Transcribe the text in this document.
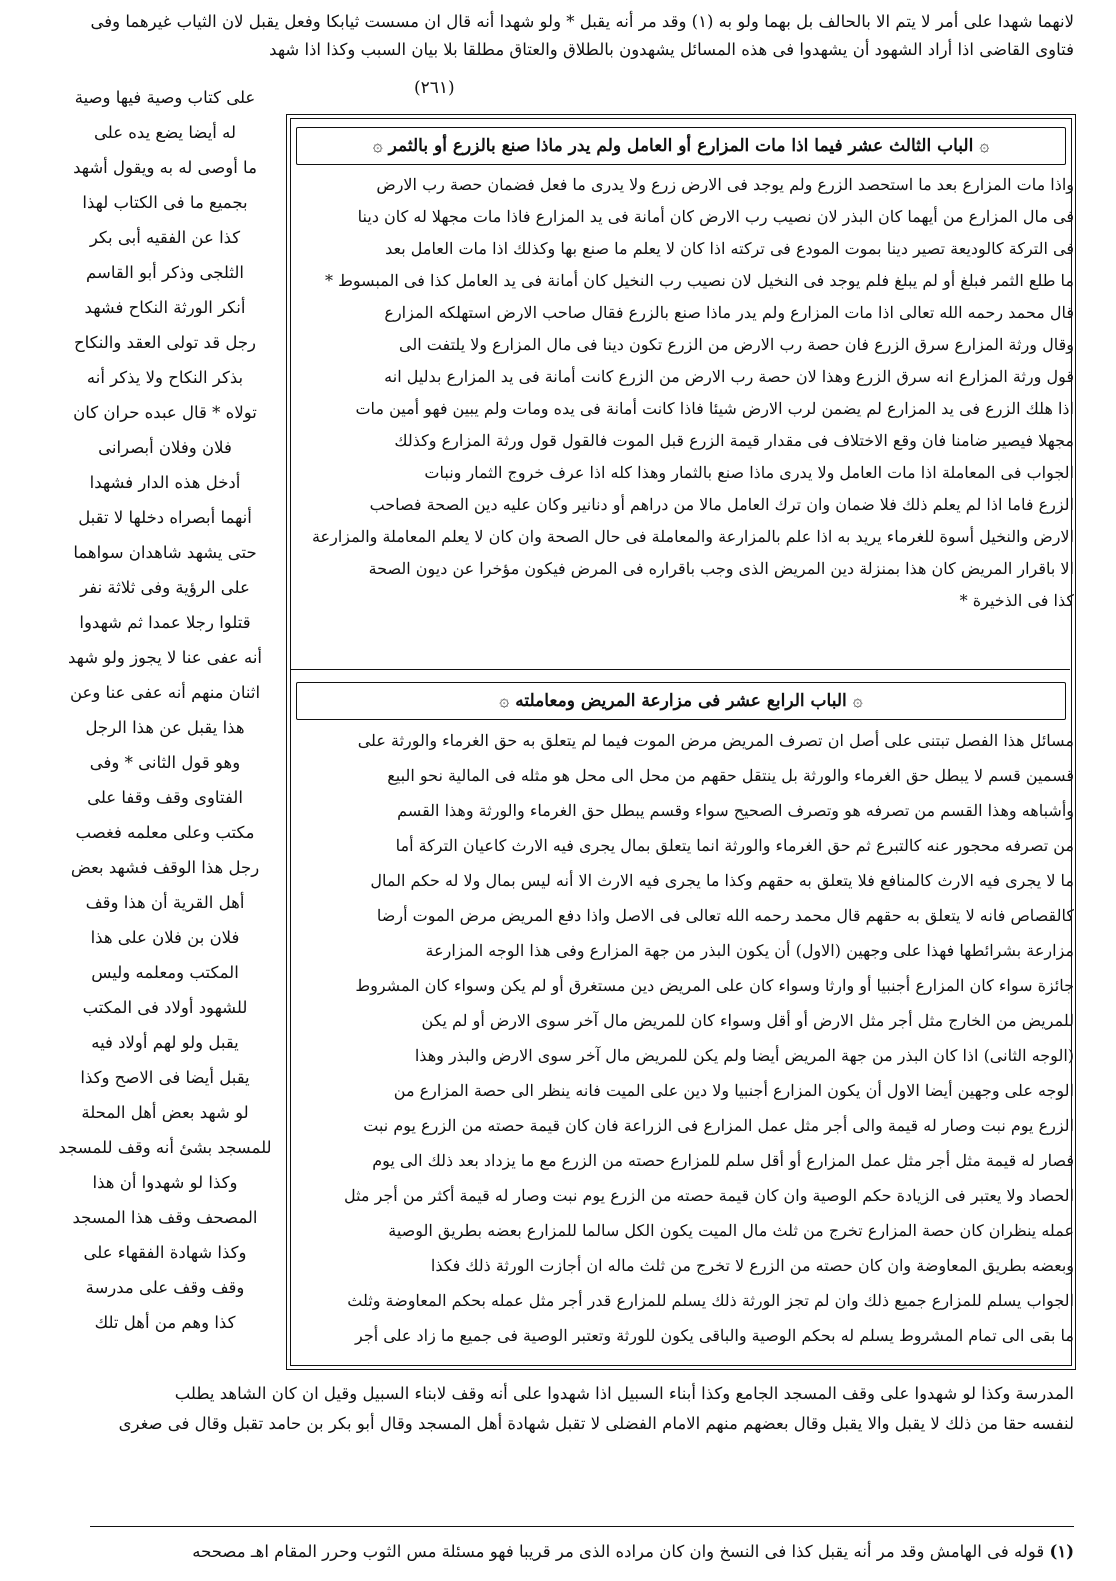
لانهما شهدا على أمر لا يتم الا بالحالف بل بهما ولو به (١) وقد مر أنه يقبل * ولو شهدا أنه قال ان مسست ثيابكا وفعل يقبل لان الثياب غيرهما وفى
فتاوى القاضى اذا أراد الشهود أن يشهدوا فى هذه المسائل يشهدون بالطلاق والعتاق مطلقا بلا بيان السبب وكذا اذا شهد
(٢٦١)
على كتاب وصية فيها وصية
له أيضا يضع يده على
ما أوصى له به ويقول أشهد
بجميع ما فى الكتاب لهذا
كذا عن الفقيه أبى بكر
الثلجى وذكر أبو القاسم
أنكر الورثة النكاح فشهد
رجل قد تولى العقد والنكاح
بذكر النكاح ولا يذكر أنه
تولاه * قال عبده حران كان
فلان وفلان أبصرانى
أدخل هذه الدار فشهدا
أنهما أبصراه دخلها لا تقبل
حتى يشهد شاهدان سواهما
على الرؤية وفى ثلاثة نفر
قتلوا رجلا عمدا ثم شهدوا
أنه عفى عنا لا يجوز ولو شهد
اثنان منهم أنه عفى عنا وعن
هذا يقبل عن هذا الرجل
وهو قول الثانى * وفى
الفتاوى وقف وقفا على
مكتب وعلى معلمه فغصب
رجل هذا الوقف فشهد بعض
أهل القرية أن هذا وقف
فلان بن فلان على هذا
المكتب ومعلمه وليس
للشهود أولاد فى المكتب
يقبل ولو لهم أولاد فيه
يقبل أيضا فى الاصح وكذا
لو شهد بعض أهل المحلة
للمسجد بشئ أنه وقف للمسجد
وكذا لو شهدوا أن هذا
المصحف وقف هذا المسجد
وكذا شهادة الفقهاء على
وقف وقف على مدرسة
كذا وهم من أهل تلك
۞الباب الثالث عشر فيما اذا مات المزارع أو العامل ولم يدر ماذا صنع بالزرع أو بالثمر۞
واذا مات المزارع بعد ما استحصد الزرع ولم يوجد فى الارض زرع ولا يدرى ما فعل فضمان حصة رب الارض
فى مال المزارع من أيهما كان البذر لان نصيب رب الارض كان أمانة فى يد المزارع فاذا مات مجهلا له كان دينا
فى التركة كالوديعة تصير دينا بموت المودع فى تركته اذا كان لا يعلم ما صنع بها وكذلك اذا مات العامل بعد
ما طلع الثمر فبلغ أو لم يبلغ فلم يوجد فى النخيل لان نصيب رب النخيل كان أمانة فى يد العامل كذا فى المبسوط *
قال محمد رحمه الله تعالى اذا مات المزارع ولم يدر ماذا صنع بالزرع فقال صاحب الارض استهلكه المزارع
وقال ورثة المزارع سرق الزرع فان حصة رب الارض من الزرع تكون دينا فى مال المزارع ولا يلتفت الى
قول ورثة المزارع انه سرق الزرع وهذا لان حصة رب الارض من الزرع كانت أمانة فى يد المزارع بدليل انه
اذا هلك الزرع فى يد المزارع لم يضمن لرب الارض شيئا فاذا كانت أمانة فى يده ومات ولم يبين فهو أمين مات
مجهلا فيصير ضامنا فان وقع الاختلاف فى مقدار قيمة الزرع قبل الموت فالقول قول ورثة المزارع وكذلك
الجواب فى المعاملة اذا مات العامل ولا يدرى ماذا صنع بالثمار وهذا كله اذا عرف خروج الثمار ونبات
الزرع فاما اذا لم يعلم ذلك فلا ضمان وان ترك العامل مالا من دراهم أو دنانير وكان عليه دين الصحة فصاحب
الارض والنخيل أسوة للغرماء يريد به اذا علم بالمزارعة والمعاملة فى حال الصحة وان كان لا يعلم المعاملة والمزارعة
الا باقرار المريض كان هذا بمنزلة دين المريض الذى وجب باقراره فى المرض فيكون مؤخرا عن ديون الصحة
كذا فى الذخيرة *
۞الباب الرابع عشر فى مزارعة المريض ومعاملته۞
مسائل هذا الفصل تبتنى على أصل ان تصرف المريض مرض الموت فيما لم يتعلق به حق الغرماء والورثة على
قسمين قسم لا يبطل حق الغرماء والورثة بل ينتقل حقهم من محل الى محل هو مثله فى المالية نحو البيع
وأشباهه وهذا القسم من تصرفه هو وتصرف الصحيح سواء وقسم يبطل حق الغرماء والورثة وهذا القسم
من تصرفه محجور عنه كالتبرع ثم حق الغرماء والورثة انما يتعلق بمال يجرى فيه الارث كاعيان التركة أما
ما لا يجرى فيه الارث كالمنافع فلا يتعلق به حقهم وكذا ما يجرى فيه الارث الا أنه ليس بمال ولا له حكم المال
كالقصاص فانه لا يتعلق به حقهم قال محمد رحمه الله تعالى فى الاصل واذا دفع المريض مرض الموت أرضا
مزارعة بشرائطها فهذا على وجهين (الاول) أن يكون البذر من جهة المزارع وفى هذا الوجه المزارعة
جائزة سواء كان المزارع أجنبيا أو وارثا وسواء كان على المريض دين مستغرق أو لم يكن وسواء كان المشروط
للمريض من الخارج مثل أجر مثل الارض أو أقل وسواء كان للمريض مال آخر سوى الارض أو لم يكن
(الوجه الثانى) اذا كان البذر من جهة المريض أيضا ولم يكن للمريض مال آخر سوى الارض والبذر وهذا
الوجه على وجهين أيضا الاول أن يكون المزارع أجنبيا ولا دين على الميت فانه ينظر الى حصة المزارع من
الزرع يوم نبت وصار له قيمة والى أجر مثل عمل المزارع فى الزراعة فان كان قيمة حصته من الزرع يوم نبت
فصار له قيمة مثل أجر مثل عمل المزارع أو أقل سلم للمزارع حصته من الزرع مع ما يزداد بعد ذلك الى يوم
الحصاد ولا يعتبر فى الزيادة حكم الوصية وان كان قيمة حصته من الزرع يوم نبت وصار له قيمة أكثر من أجر مثل
عمله ينظران كان حصة المزارع تخرج من ثلث مال الميت يكون الكل سالما للمزارع بعضه بطريق الوصية
وبعضه بطريق المعاوضة وان كان حصته من الزرع لا تخرج من ثلث ماله ان أجازت الورثة ذلك فكذا
الجواب يسلم للمزارع جميع ذلك وان لم تجز الورثة ذلك يسلم للمزارع قدر أجر مثل عمله بحكم المعاوضة وثلث
ما بقى الى تمام المشروط يسلم له بحكم الوصية والباقى يكون للورثة وتعتبر الوصية فى جميع ما زاد على أجر
المدرسة وكذا لو شهدوا على وقف المسجد الجامع وكذا أبناء السبيل اذا شهدوا على أنه وقف لابناء السبيل وقيل ان كان الشاهد يطلب
لنفسه حقا من ذلك لا يقبل والا يقبل وقال بعضهم منهم الامام الفضلى لا تقبل شهادة أهل المسجد وقال أبو بكر بن حامد تقبل وقال فى صغرى
(١) قوله فى الهامش وقد مر أنه يقبل كذا فى النسخ وان كان مراده الذى مر قريبا فهو مسئلة مس الثوب وحرر المقام اهـ مصححه
